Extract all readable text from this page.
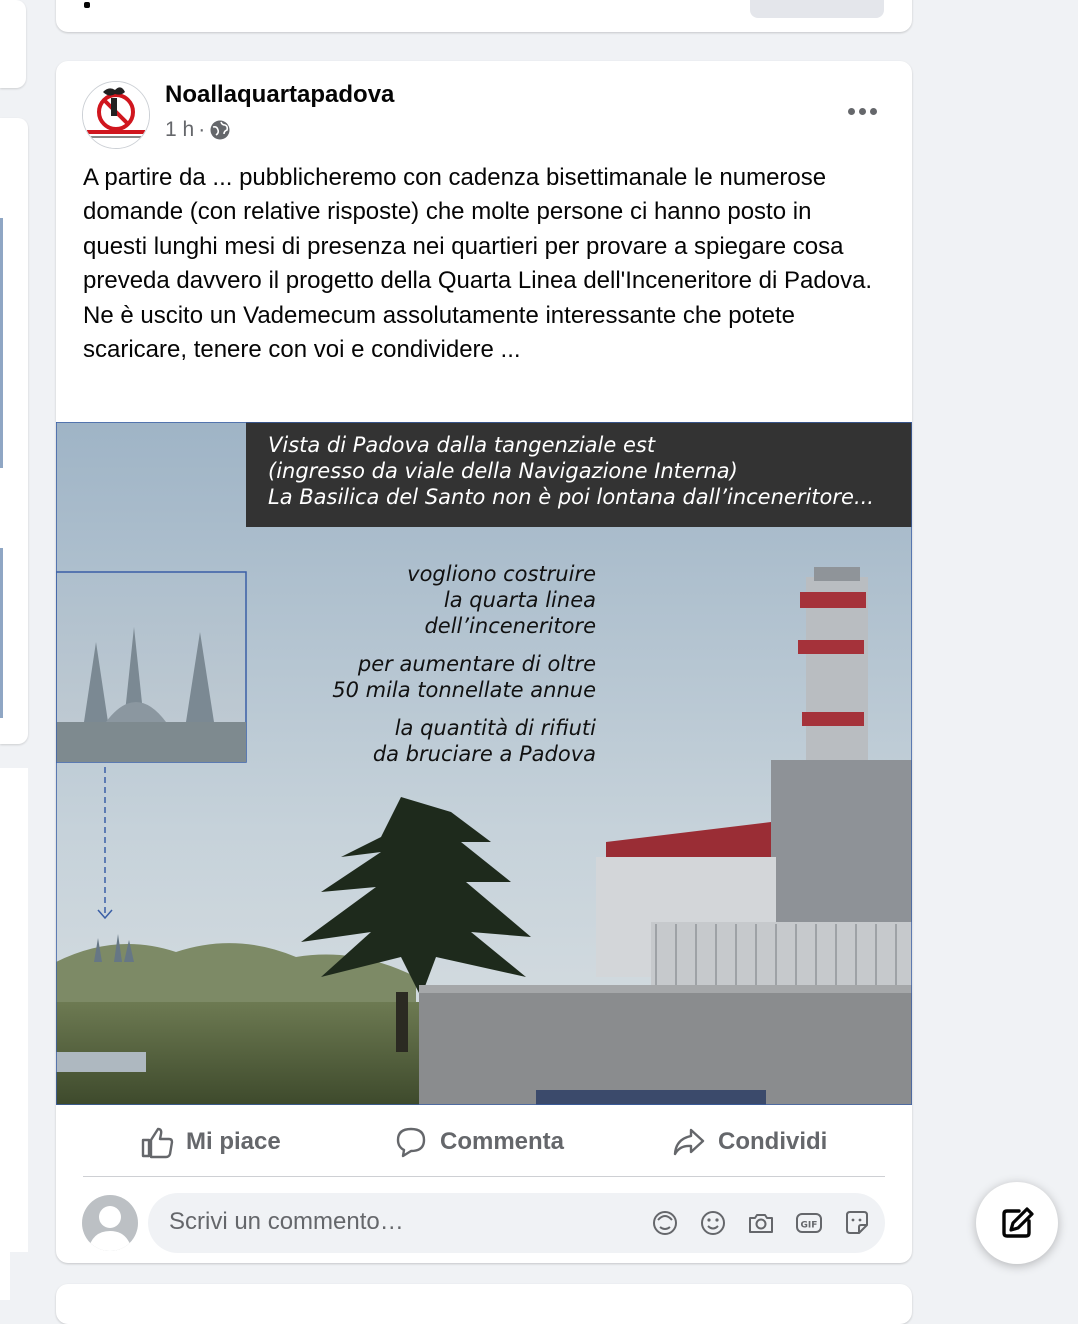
Noallaquartapadova
1 h ·
A partire da ... pubblicheremo con cadenza bisettimanale le numerose domande (con relative risposte) che molte persone ci hanno posto in questi lunghi mesi di presenza nei quartieri per provare a spiegare cosa preveda davvero il progetto della Quarta Linea dell'Inceneritore di Padova. Ne è uscito un Vademecum assolutamente interessante che potete scaricare, tenere con voi e condividere ...
Vista di Padova dalla tangenziale est
(ingresso da viale della Navigazione Interna)
La Basilica del Santo non è poi lontana dall’inceneritore...
vogliono costruire
la quarta linea
dell’inceneritore
per aumentare di oltre
50 mila tonnellate annue
la quantità di rifiuti
da bruciare a Padova
Mi piace	Commenta	Condividi
Scrivi un commento…	GIF
